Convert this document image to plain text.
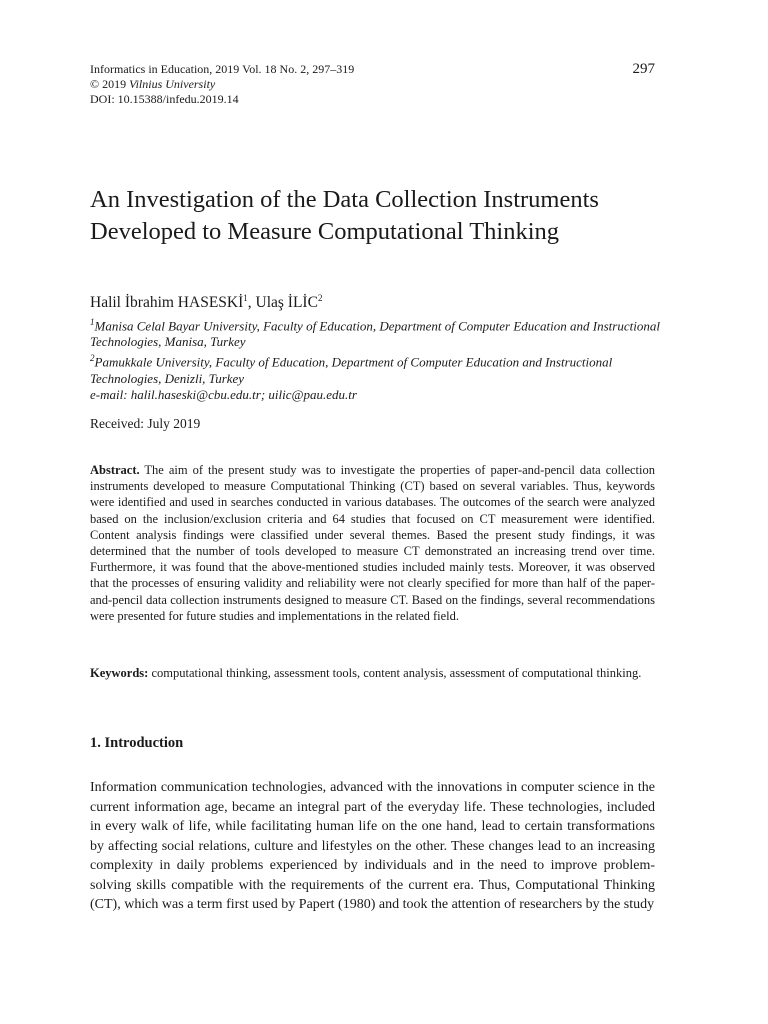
Informatics in Education, 2019 Vol. 18 No. 2, 297–319
© 2019 Vilnius University
DOI: 10.15388/infedu.2019.14
297
An Investigation of the Data Collection Instruments Developed to Measure Computational Thinking
Halil İbrahim HASESKİ$^1$, Ulaş İLİC$^2$
$^1$Manisa Celal Bayar University, Faculty of Education, Department of Computer Education and Instructional Technologies, Manisa, Turkey
$^2$Pamukkale University, Faculty of Education, Department of Computer Education and Instructional Technologies, Denizli, Turkey
e-mail: halil.haseski@cbu.edu.tr; uilic@pau.edu.tr
Received: July 2019

Abstract. The aim of the present study was to investigate the properties of paper-and-pencil data collection instruments developed to measure Computational Thinking (CT) based on several variables. Thus, keywords were identified and used in searches conducted in various databases. The outcomes of the search were analyzed based on the inclusion/exclusion criteria and 64 studies that focused on CT measurement were identified. Content analysis findings were classified under several themes. Based the present study findings, it was determined that the number of tools developed to measure CT demonstrated an increasing trend over time. Furthermore, it was found that the above-mentioned studies included mainly tests. Moreover, it was observed that the processes of ensuring validity and reliability were not clearly specified for more than half of the paper-and-pencil data collection instruments designed to measure CT. Based on the findings, several recommendations were presented for future studies and implementations in the related field.

Keywords: computational thinking, assessment tools, content analysis, assessment of computational thinking.

1. Introduction

Information communication technologies, advanced with the innovations in computer science in the current information age, became an integral part of the everyday life. These technologies, included in every walk of life, while facilitating human life on the one hand, lead to certain transformations by affecting social relations, culture and lifestyles on the other. These changes lead to an increasing complexity in daily problems experienced by individuals and in the need to improve problem-solving skills compatible with the requirements of the current era. Thus, Computational Thinking (CT), which was a term first used by Papert (1980) and took the attention of researchers by the study
